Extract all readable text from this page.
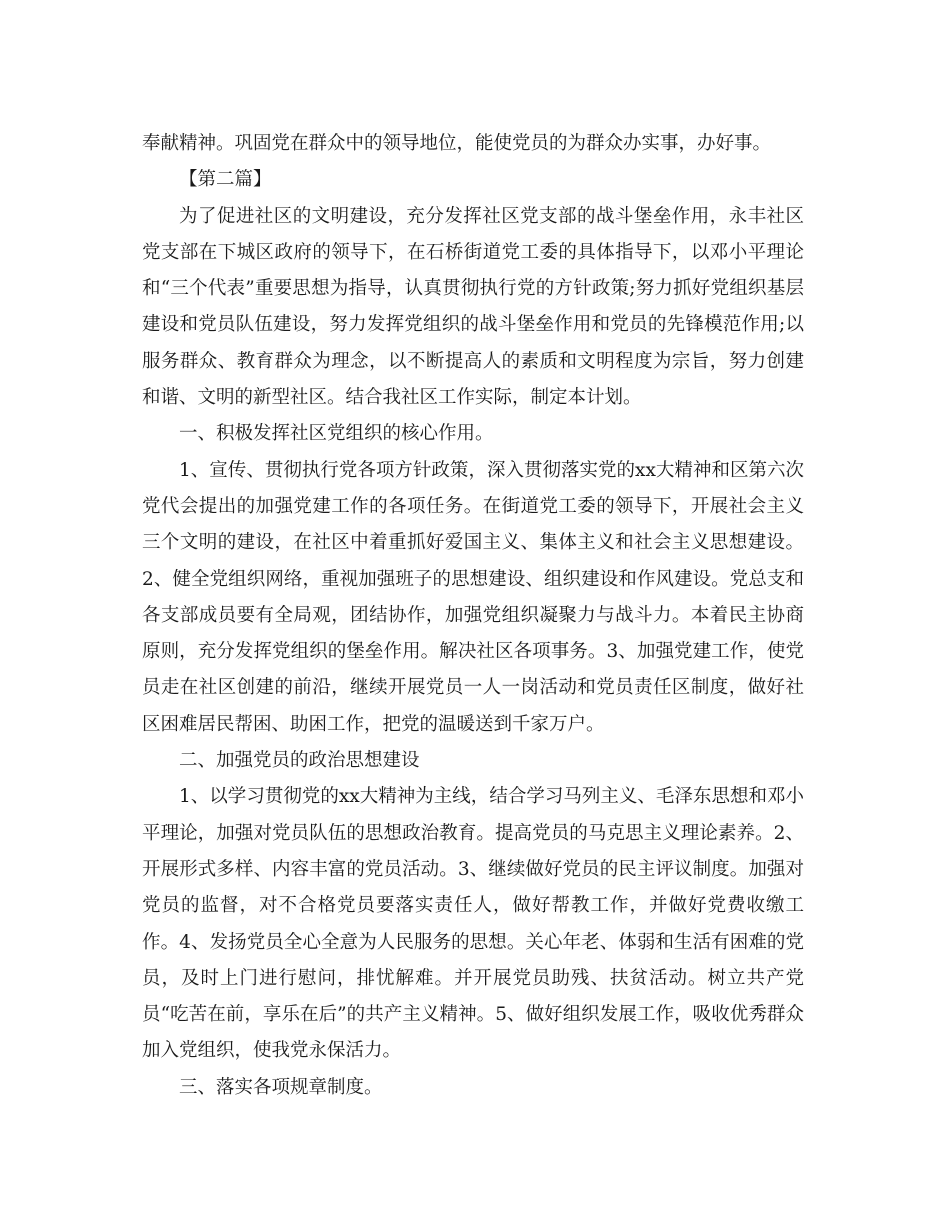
奉献精神。巩固党在群众中的领导地位，能使党员的为群众办实事，办好事。

【第二篇】

为了促进社区的文明建设，充分发挥社区党支部的战斗堡垒作用，永丰社区党支部在下城区政府的领导下，在石桥街道党工委的具体指导下，以邓小平理论和“三个代表”重要思想为指导，认真贯彻执行党的方针政策;努力抓好党组织基层建设和党员队伍建设，努力发挥党组织的战斗堡垒作用和党员的先锋模范作用;以服务群众、教育群众为理念，以不断提高人的素质和文明程度为宗旨，努力创建和谐、文明的新型社区。结合我社区工作实际，制定本计划。

一、积极发挥社区党组织的核心作用。

1、宣传、贯彻执行党各项方针政策，深入贯彻落实党的xx大精神和区第六次党代会提出的加强党建工作的各项任务。在街道党工委的领导下，开展社会主义三个文明的建设，在社区中着重抓好爱国主义、集体主义和社会主义思想建设。2、健全党组织网络，重视加强班子的思想建设、组织建设和作风建设。党总支和各支部成员要有全局观，团结协作，加强党组织凝聚力与战斗力。本着民主协商原则，充分发挥党组织的堡垒作用。解决社区各项事务。3、加强党建工作，使党员走在社区创建的前沿，继续开展党员一人一岗活动和党员责任区制度，做好社区困难居民帮困、助困工作，把党的温暖送到千家万户。

二、加强党员的政治思想建设

1、以学习贯彻党的xx大精神为主线，结合学习马列主义、毛泽东思想和邓小平理论，加强对党员队伍的思想政治教育。提高党员的马克思主义理论素养。2、开展形式多样、内容丰富的党员活动。3、继续做好党员的民主评议制度。加强对党员的监督，对不合格党员要落实责任人，做好帮教工作，并做好党费收缴工作。4、发扬党员全心全意为人民服务的思想。关心年老、体弱和生活有困难的党员，及时上门进行慰问，排忧解难。并开展党员助残、扶贫活动。树立共产党员“吃苦在前，享乐在后”的共产主义精神。5、做好组织发展工作，吸收优秀群众加入党组织，使我党永保活力。

三、落实各项规章制度。
